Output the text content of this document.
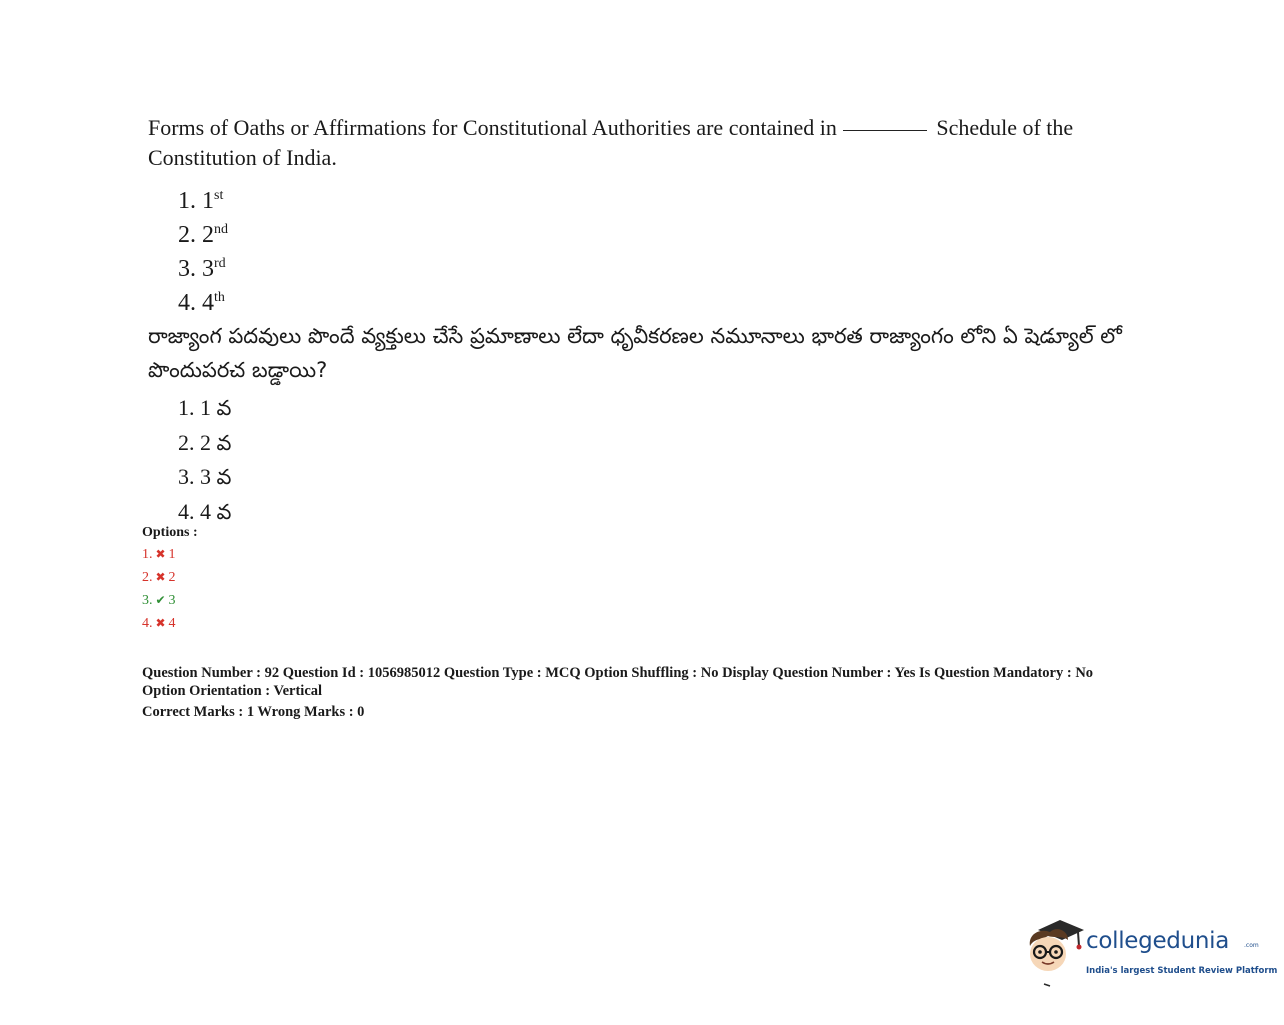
Forms of Oaths or Affirmations for Constitutional Authorities are contained in	Schedule of the Constitution of India.

1. 1st
2. 2nd
3. 3rd
4. 4th

రాజ్యాంగ పదవులు పొందే వ్యక్తులు చేసే ప్రమాణాలు లేదా ధృవీకరణల నమూనాలు భారత రాజ్యాంగం లోని ఏ షెడ్యూల్ లో పొందుపరచ బడ్డాయి?

1. 1 వ
2. 2 వ
3. 3 వ
4. 4 వ
Options :
1. ✖ 1
2. ✖ 2
3. ✔ 3
4. ✖ 4
Question Number : 92 Question Id : 1056985012 Question Type : MCQ Option Shuffling : No Display Question Number : Yes Is Question Mandatory : No
Option Orientation : Vertical
Correct Marks : 1 Wrong Marks : 0
collegedunia .com
India's largest Student Review Platform
